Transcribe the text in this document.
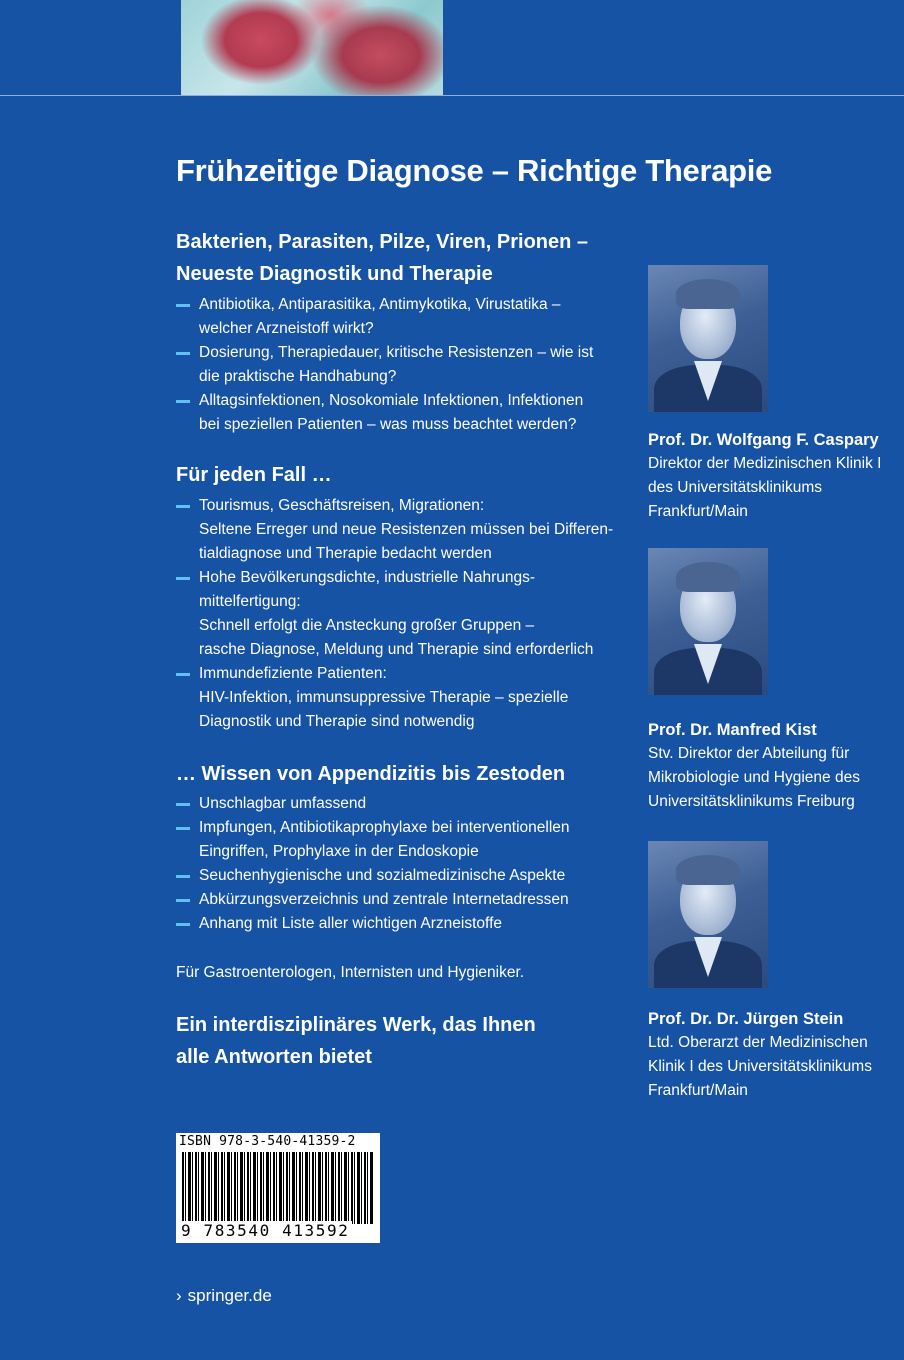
Frühzeitige Diagnose – Richtige Therapie
Bakterien, Parasiten, Pilze, Viren, Prionen –
Neueste Diagnostik und Therapie
Antibiotika, Antiparasitika, Antimykotika, Virustatika –
welcher Arzneistoff wirkt?
Dosierung, Therapiedauer, kritische Resistenzen – wie ist
die praktische Handhabung?
Alltagsinfektionen, Nosokomiale Infektionen, Infektionen
bei speziellen Patienten – was muss beachtet werden?
Für jeden Fall …
Tourismus, Geschäftsreisen, Migrationen:
Seltene Erreger und neue Resistenzen müssen bei Differen-
tialdiagnose und Therapie bedacht werden
Hohe Bevölkerungsdichte, industrielle Nahrungs-
mittelfertigung:
Schnell erfolgt die Ansteckung großer Gruppen –
rasche Diagnose, Meldung und Therapie sind erforderlich
Immundefiziente Patienten:
HIV-Infektion, immunsuppressive Therapie – spezielle
Diagnostik und Therapie sind notwendig
… Wissen von Appendizitis bis Zestoden
Unschlagbar umfassend
Impfungen, Antibiotikaprophylaxe bei interventionellen
Eingriffen, Prophylaxe in der Endoskopie
Seuchenhygienische und sozialmedizinische Aspekte
Abkürzungsverzeichnis und zentrale Internetadressen
Anhang mit Liste aller wichtigen Arzneistoffe
Für Gastroenterologen, Internisten und Hygieniker.
Ein interdisziplinäres Werk, das Ihnen
alle Antworten bietet
Prof. Dr. Wolfgang F. Caspary
Direktor der Medizinischen Klinik I
des Universitätsklinikums
Frankfurt/Main
Prof. Dr. Manfred Kist
Stv. Direktor der Abteilung für
Mikrobiologie und Hygiene des
Universitätsklinikums Freiburg
Prof. Dr. Dr. Jürgen Stein
Ltd. Oberarzt der Medizinischen
Klinik I des Universitätsklinikums
Frankfurt/Main
ISBN 978-3-540-41359-2
9 783540 413592
› springer.de
